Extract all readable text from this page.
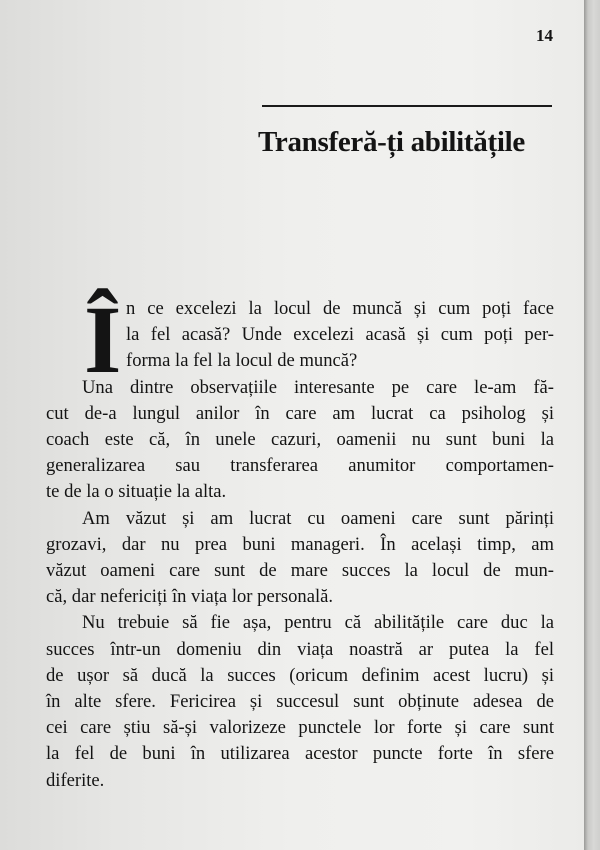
14
Transferă-ți abilitățile
Î n ce excelezi la locul de muncă și cum poți face
la fel acasă? Unde excelezi acasă și cum poți per-
forma la fel la locul de muncă?
Una dintre observațiile interesante pe care le-am fă-
cut de-a lungul anilor în care am lucrat ca psiholog și
coach este că, în unele cazuri, oamenii nu sunt buni la
generalizarea sau transferarea anumitor comportamen-
te de la o situație la alta.
Am văzut și am lucrat cu oameni care sunt părinți
grozavi, dar nu prea buni manageri. În același timp, am
văzut oameni care sunt de mare succes la locul de mun-
că, dar nefericiți în viața lor personală.
Nu trebuie să fie așa, pentru că abilitățile care duc la
succes într-un domeniu din viața noastră ar putea la fel
de ușor să ducă la succes (oricum definim acest lucru) și
în alte sfere. Fericirea și succesul sunt obținute adesea de
cei care știu să-și valorizeze punctele lor forte și care sunt
la fel de buni în utilizarea acestor puncte forte în sfere
diferite.
